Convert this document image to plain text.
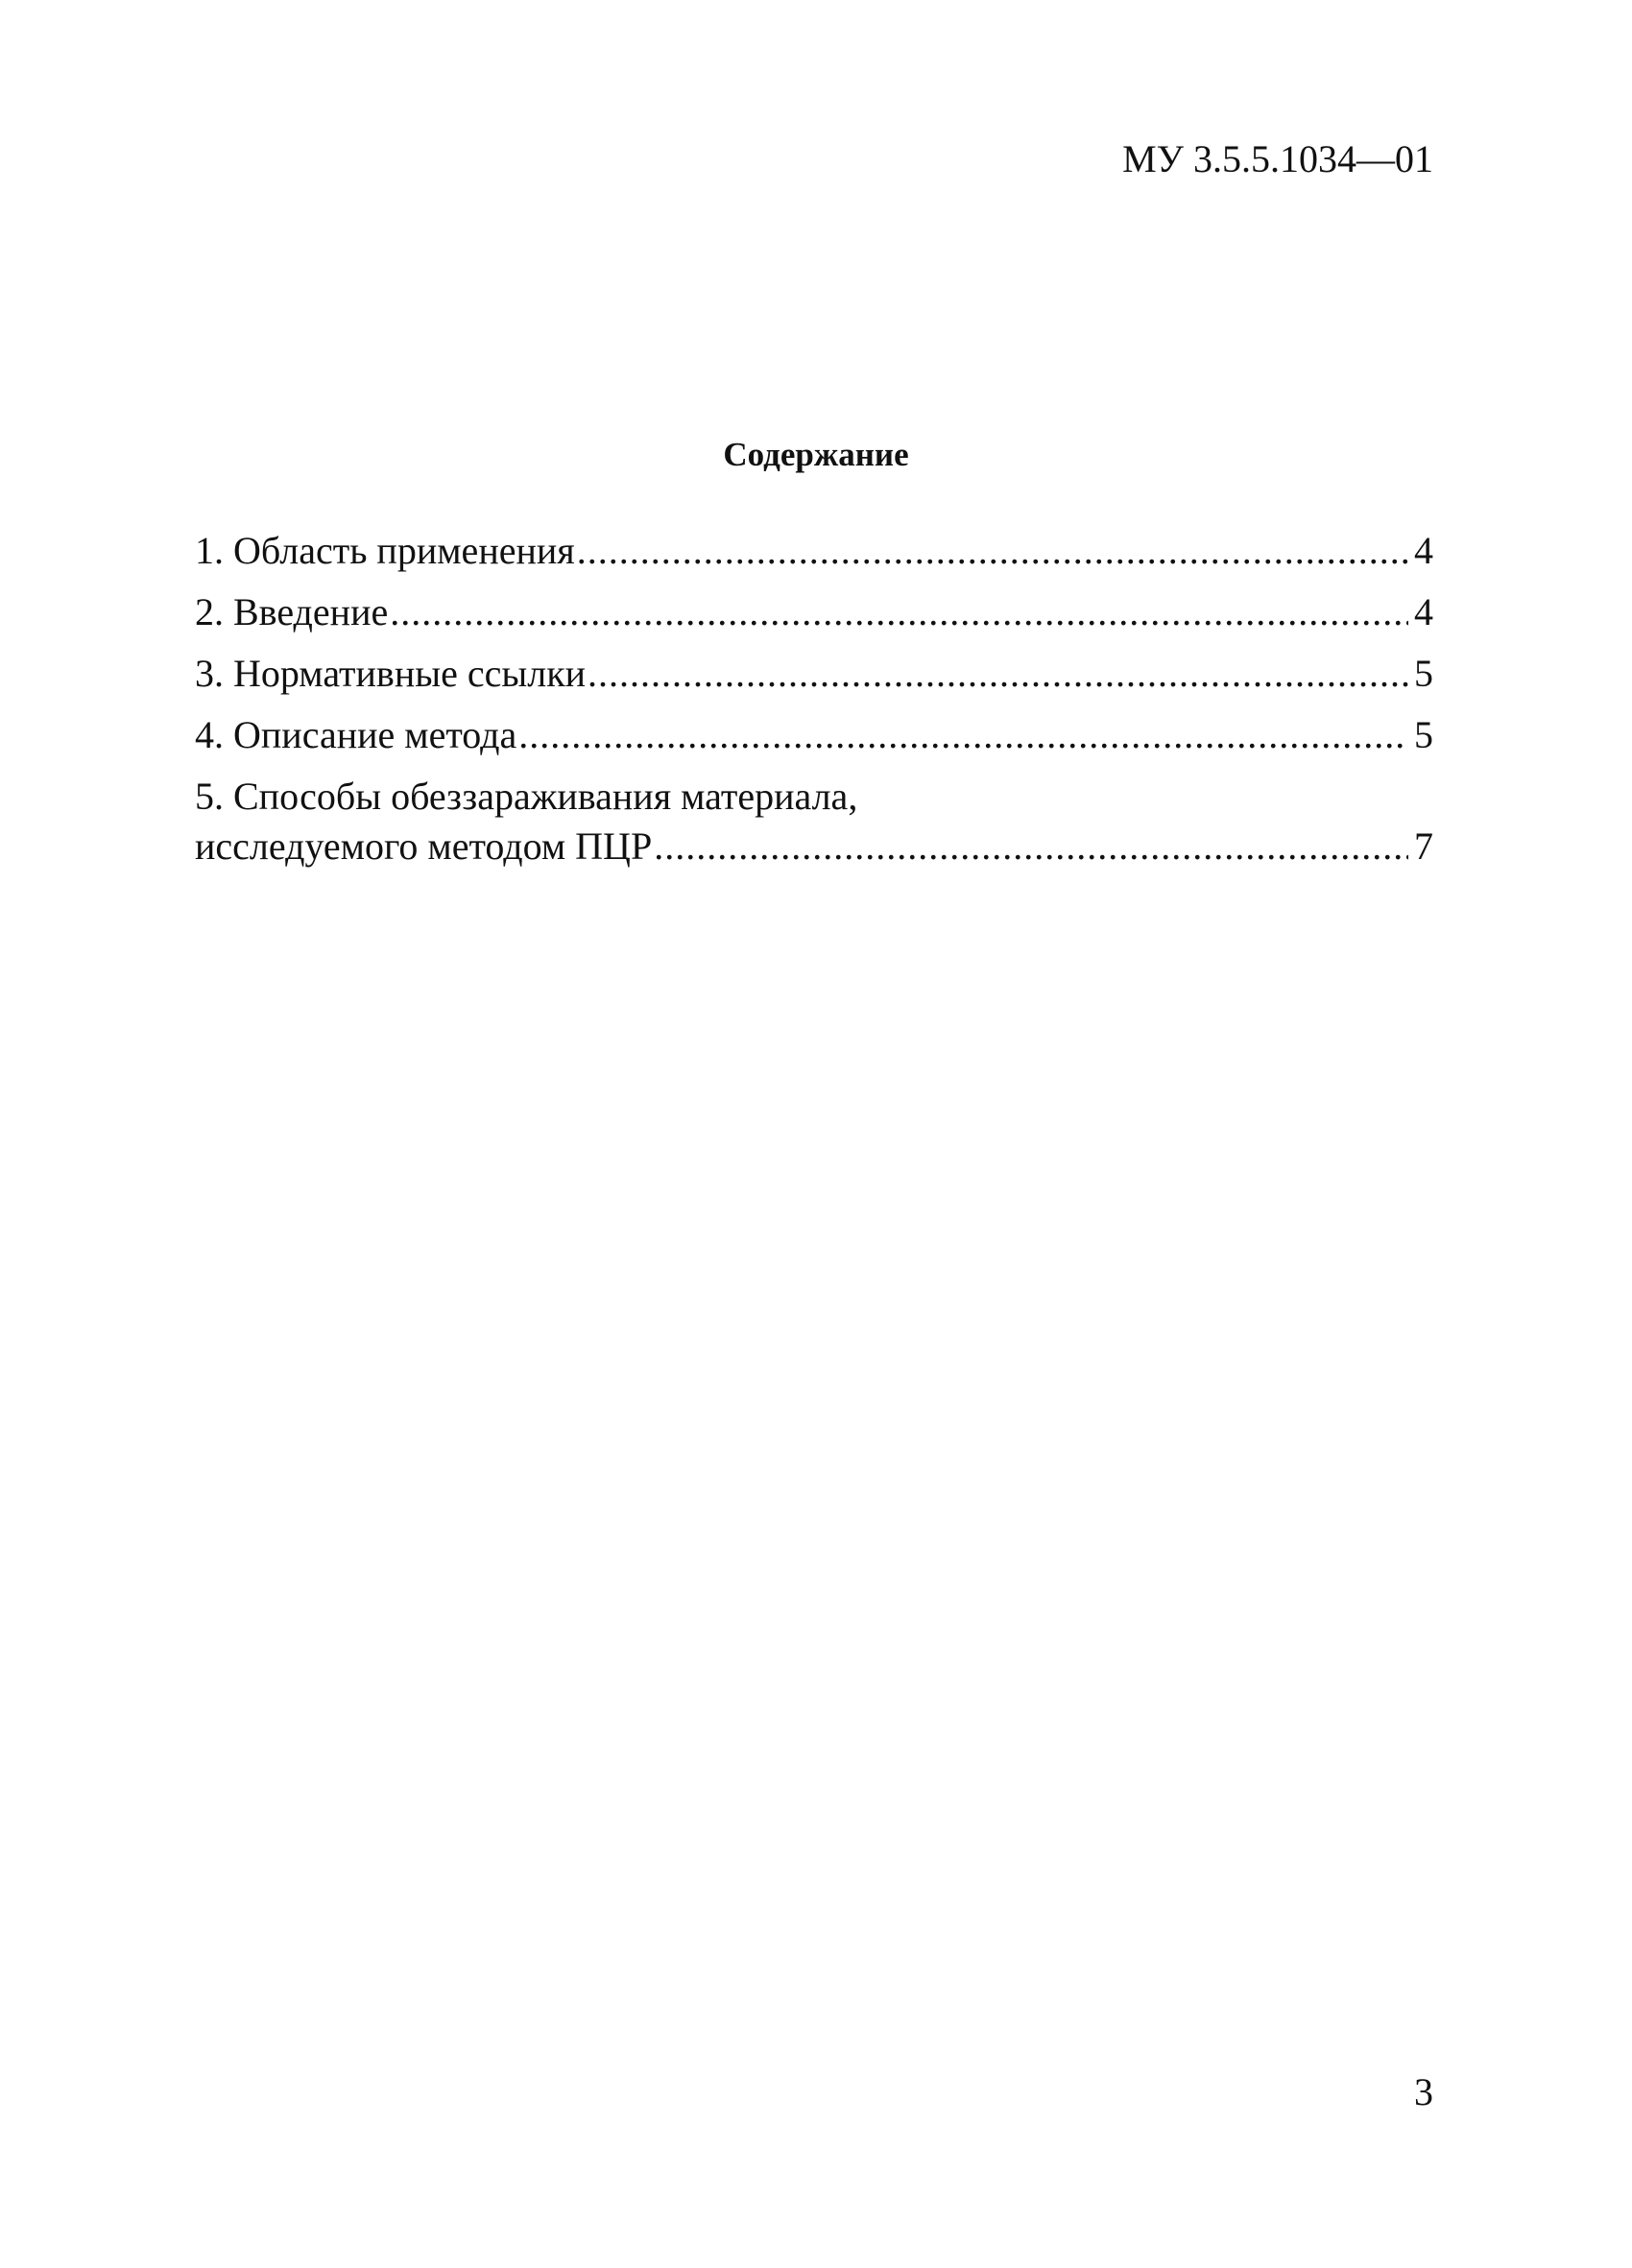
МУ 3.5.5.1034—01
Содержание
1. Область применения .....	4
2. Введение .....	4
3. Нормативные ссылки .....	5
4. Описание метода .....	5
5. Способы обеззараживания материала,
исследуемого методом ПЦР .....	7
3
